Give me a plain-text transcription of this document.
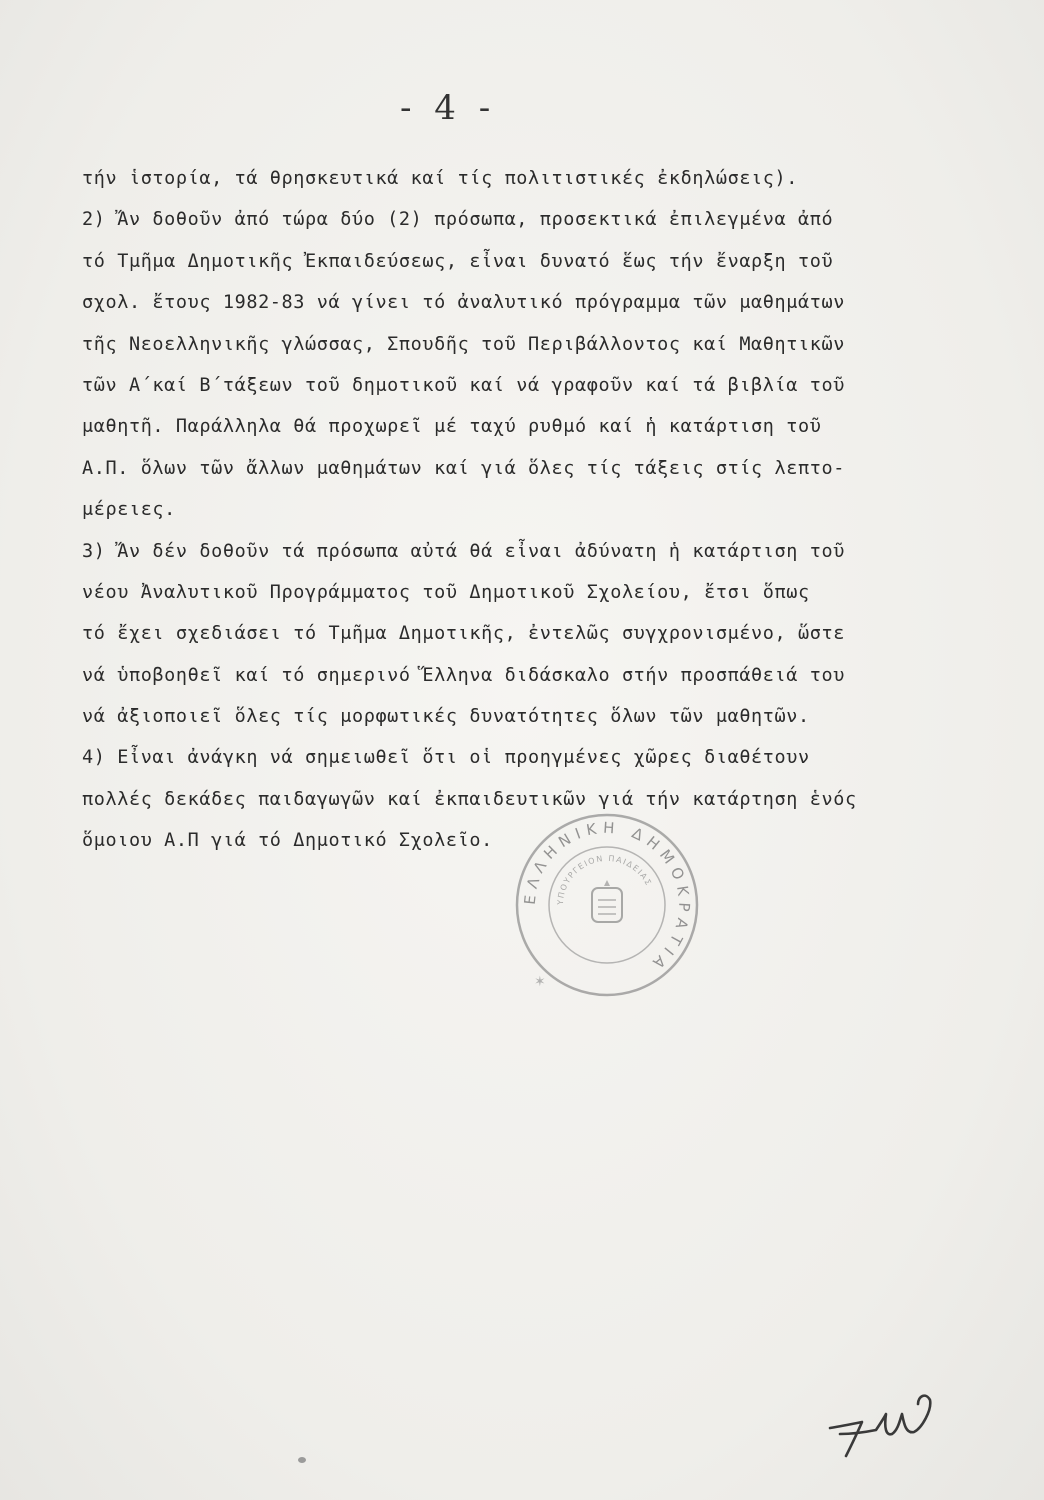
- 4 -
τήν ἱστορία, τά θρησκευτικά καί τίς πολιτιστικές ἐκδηλώσεις).
2) Ἄν δοθοῦν ἀπό τώρα δύο (2) πρόσωπα, προσεκτικά ἐπιλεγμένα ἀπό
τό Τμῆμα Δημοτικῆς Ἐκπαιδεύσεως, εἶναι δυνατό ἕως τήν ἔναρξη τοῦ
σχολ. ἔτους 1982-83 νά γίνει τό ἀναλυτικό πρόγραμμα τῶν μαθημάτων
τῆς Νεοελληνικῆς γλώσσας, Σπουδῆς τοῦ Περιβάλλοντος καί Μαθητικῶν
τῶν Α΄καί Β΄τάξεων τοῦ δημοτικοῦ καί νά γραφοῦν καί τά βιβλία τοῦ
μαθητῆ. Παράλληλα θά προχωρεῖ μέ ταχύ ρυθμό καί ἡ κατάρτιση τοῦ
Α.Π. ὅλων τῶν ἄλλων μαθημάτων καί γιά ὅλες τίς τάξεις στίς λεπτο-
μέρειες.
3) Ἄν δέν δοθοῦν τά πρόσωπα αὐτά θά εἶναι ἀδύνατη ἡ κατάρτιση τοῦ
νέου Ἀναλυτικοῦ Προγράμματος τοῦ Δημοτικοῦ Σχολείου, ἔτσι ὅπως
τό ἔχει σχεδιάσει τό Τμῆμα Δημοτικῆς, ἐντελῶς συγχρονισμένο, ὥστε
νά ὑποβοηθεῖ καί τό σημερινό Ἕλληνα διδάσκαλο στήν προσπάθειά του
νά ἀξιοποιεῖ ὅλες τίς μορφωτικές δυνατότητες ὅλων τῶν μαθητῶν.
4) Εἶναι ἀνάγκη νά σημειωθεῖ ὅτι οἱ προηγμένες χῶρες διαθέτουν
πολλές δεκάδες παιδαγωγῶν καί ἐκπαιδευτικῶν γιά τήν κατάρτηση ἑνός
ὅμοιου Α.Π γιά τό Δημοτικό Σχολεῖο.
ΕΛΛΗΝΙΚΗ ΔΗΜΟΚΡΑΤΙΑ
ΥΠΟΥΡΓΕΙΟΝ ΠΑΙΔΕΙΑΣ
✶
